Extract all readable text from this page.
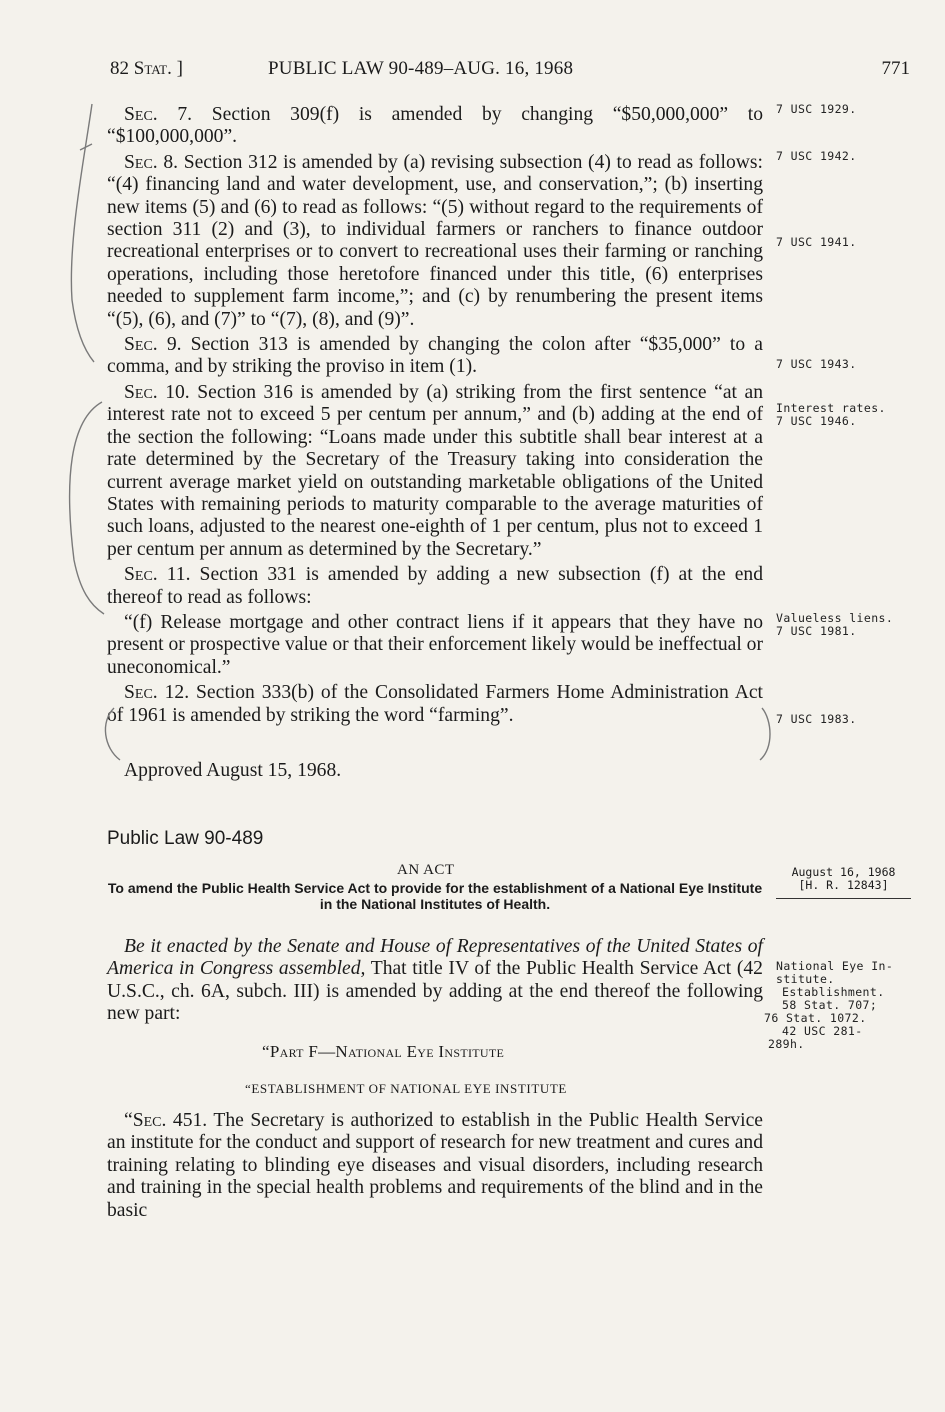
82 Stat. ]	PUBLIC LAW 90-489–AUG. 16, 1968	771

Sec. 7. Section 309(f) is amended by changing “$50,000,000” to “$100,000,000”.

Sec. 8. Section 312 is amended by (a) revising subsection (4) to read as follows: “(4) financing land and water development, use, and conservation,”; (b) inserting new items (5) and (6) to read as follows: “(5) without regard to the requirements of section 311 (2) and (3), to individual farmers or ranchers to finance outdoor recreational enterprises or to convert to recreational uses their farming or ranching operations, including those heretofore financed under this title, (6) enterprises needed to supplement farm income,”; and (c) by renumbering the present items “(5), (6), and (7)” to “(7), (8), and (9)”.

Sec. 9. Section 313 is amended by changing the colon after “$35,000” to a comma, and by striking the proviso in item (1).

Sec. 10. Section 316 is amended by (a) striking from the first sentence “at an interest rate not to exceed 5 per centum per annum,” and (b) adding at the end of the section the following: “Loans made under this subtitle shall bear interest at a rate determined by the Secretary of the Treasury taking into consideration the current average market yield on outstanding marketable obligations of the United States with remaining periods to maturity comparable to the average maturities of such loans, adjusted to the nearest one-eighth of 1 per centum, plus not to exceed 1 per centum per annum as determined by the Secretary.”

Sec. 11. Section 331 is amended by adding a new subsection (f) at the end thereof to read as follows:

“(f) Release mortgage and other contract liens if it appears that they have no present or prospective value or that their enforcement likely would be ineffectual or uneconomical.”

Sec. 12. Section 333(b) of the Consolidated Farmers Home Administration Act of 1961 is amended by striking the word “farming”.

7 USC 1929.
7 USC 1942.
7 USC 1941.
7 USC 1943.
Interest rates.
7 USC 1946.
Valueless liens.
7 USC 1981.
7 USC 1983.
Approved August 15, 1968.
Public Law 90-489
AN ACT
To amend the Public Health Service Act to provide for the establishment of a National Eye Institute in the National Institutes of Health.
August 16, 1968
[H. R. 12843]
Be it enacted by the Senate and House of Representatives of the United States of America in Congress assembled, That title IV of the Public Health Service Act (42 U.S.C., ch. 6A, subch. III) is amended by adding at the end thereof the following new part:
National Eye In-
stitute.
Establishment.
58 Stat. 707;
76 Stat. 1072.
42 USC 281-
289h.
“Part F—National Eye Institute
“ESTABLISHMENT OF NATIONAL EYE INSTITUTE
“Sec. 451. The Secretary is authorized to establish in the Public Health Service an institute for the conduct and support of research for new treatment and cures and training relating to blinding eye diseases and visual disorders, including research and training in the special health problems and requirements of the blind and in the basic
